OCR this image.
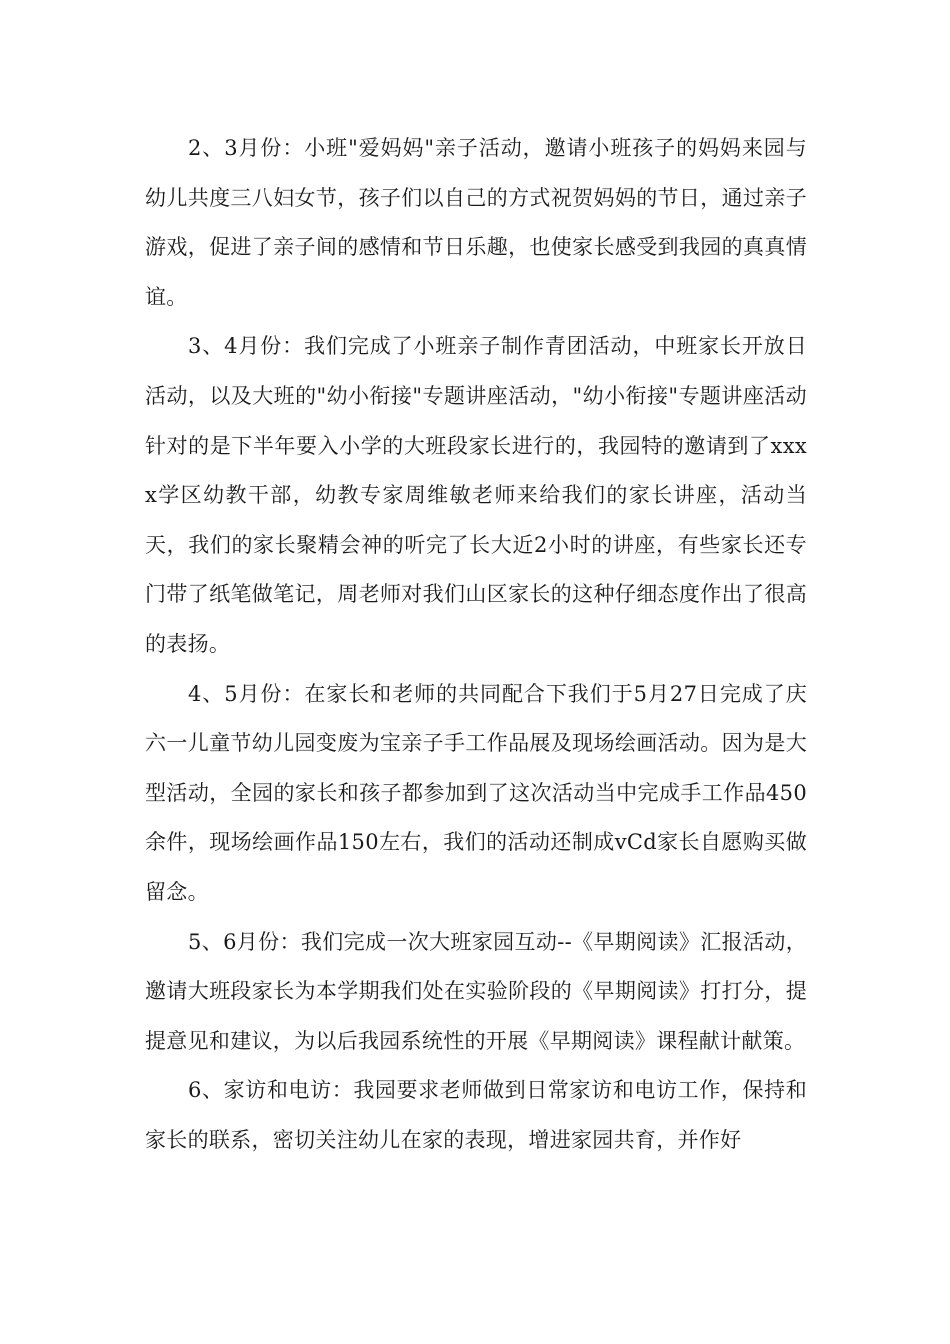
2、3月份：小班"爱妈妈"亲子活动，邀请小班孩子的妈妈来园与幼儿共度三八妇女节，孩子们以自己的方式祝贺妈妈的节日，通过亲子游戏，促进了亲子间的感情和节日乐趣，也使家长感受到我园的真真情谊。

3、4月份：我们完成了小班亲子制作青团活动，中班家长开放日活动，以及大班的"幼小衔接"专题讲座活动，"幼小衔接"专题讲座活动针对的是下半年要入小学的大班段家长进行的，我园特的邀请到了xxxx学区幼教干部，幼教专家周维敏老师来给我们的家长讲座，活动当天，我们的家长聚精会神的听完了长大近2小时的讲座，有些家长还专门带了纸笔做笔记，周老师对我们山区家长的这种仔细态度作出了很高的表扬。

4、5月份：在家长和老师的共同配合下我们于5月27日完成了庆六一儿童节幼儿园变废为宝亲子手工作品展及现场绘画活动。因为是大型活动，全园的家长和孩子都参加到了这次活动当中完成手工作品450余件，现场绘画作品150左右，我们的活动还制成vCd家长自愿购买做留念。

5、6月份：我们完成一次大班家园互动--《早期阅读》汇报活动，邀请大班段家长为本学期我们处在实验阶段的《早期阅读》打打分，提提意见和建议，为以后我园系统性的开展《早期阅读》课程献计献策。

6、家访和电访：我园要求老师做到日常家访和电访工作，保持和家长的联系，密切关注幼儿在家的表现，增进家园共育，并作好
